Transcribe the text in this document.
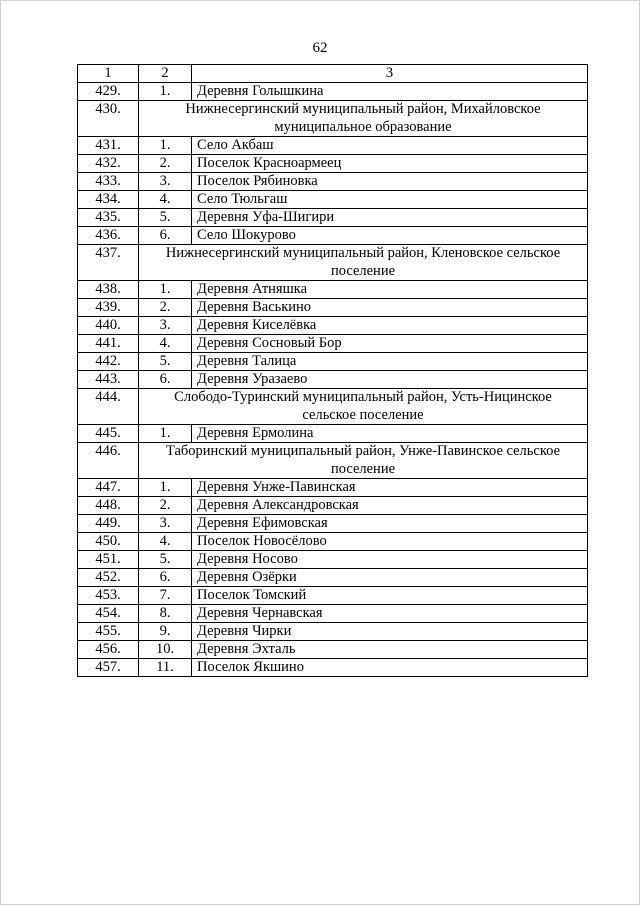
62
1	2	3
429.	1.	Деревня Голышкина
430.	Нижнесергинский муниципальный район, Михайловское
муниципальное образование	

431.	1.	Село Акбаш
432.	2.	Поселок Красноармеец
433.	3.	Поселок Рябиновка
434.	4.	Село Тюльгаш
435.	5.	Деревня Уфа-Шигири
436.	6.	Село Шокурово
437.	Нижнесергинский муниципальный район, Кленовское сельское
поселение	

438.	1.	Деревня Атняшка
439.	2.	Деревня Васькино
440.	3.	Деревня Киселёвка
441.	4.	Деревня Сосновый Бор
442.	5.	Деревня Талица
443.	6.	Деревня Уразаево
444.	Слободо-Туринский муниципальный район, Усть-Ницинское
сельское поселение	

445.	1.	Деревня Ермолина
446.	Таборинский муниципальный район, Унже-Павинское сельское
поселение	

447.	1.	Деревня Унже-Павинская
448.	2.	Деревня Александровская
449.	3.	Деревня Ефимовская
450.	4.	Поселок Новосёлово
451.	5.	Деревня Носово
452.	6.	Деревня Озёрки
453.	7.	Поселок Томский
454.	8.	Деревня Чернавская
455.	9.	Деревня Чирки
456.	10.	Деревня Эхталь
457.	11.	Поселок Якшино
